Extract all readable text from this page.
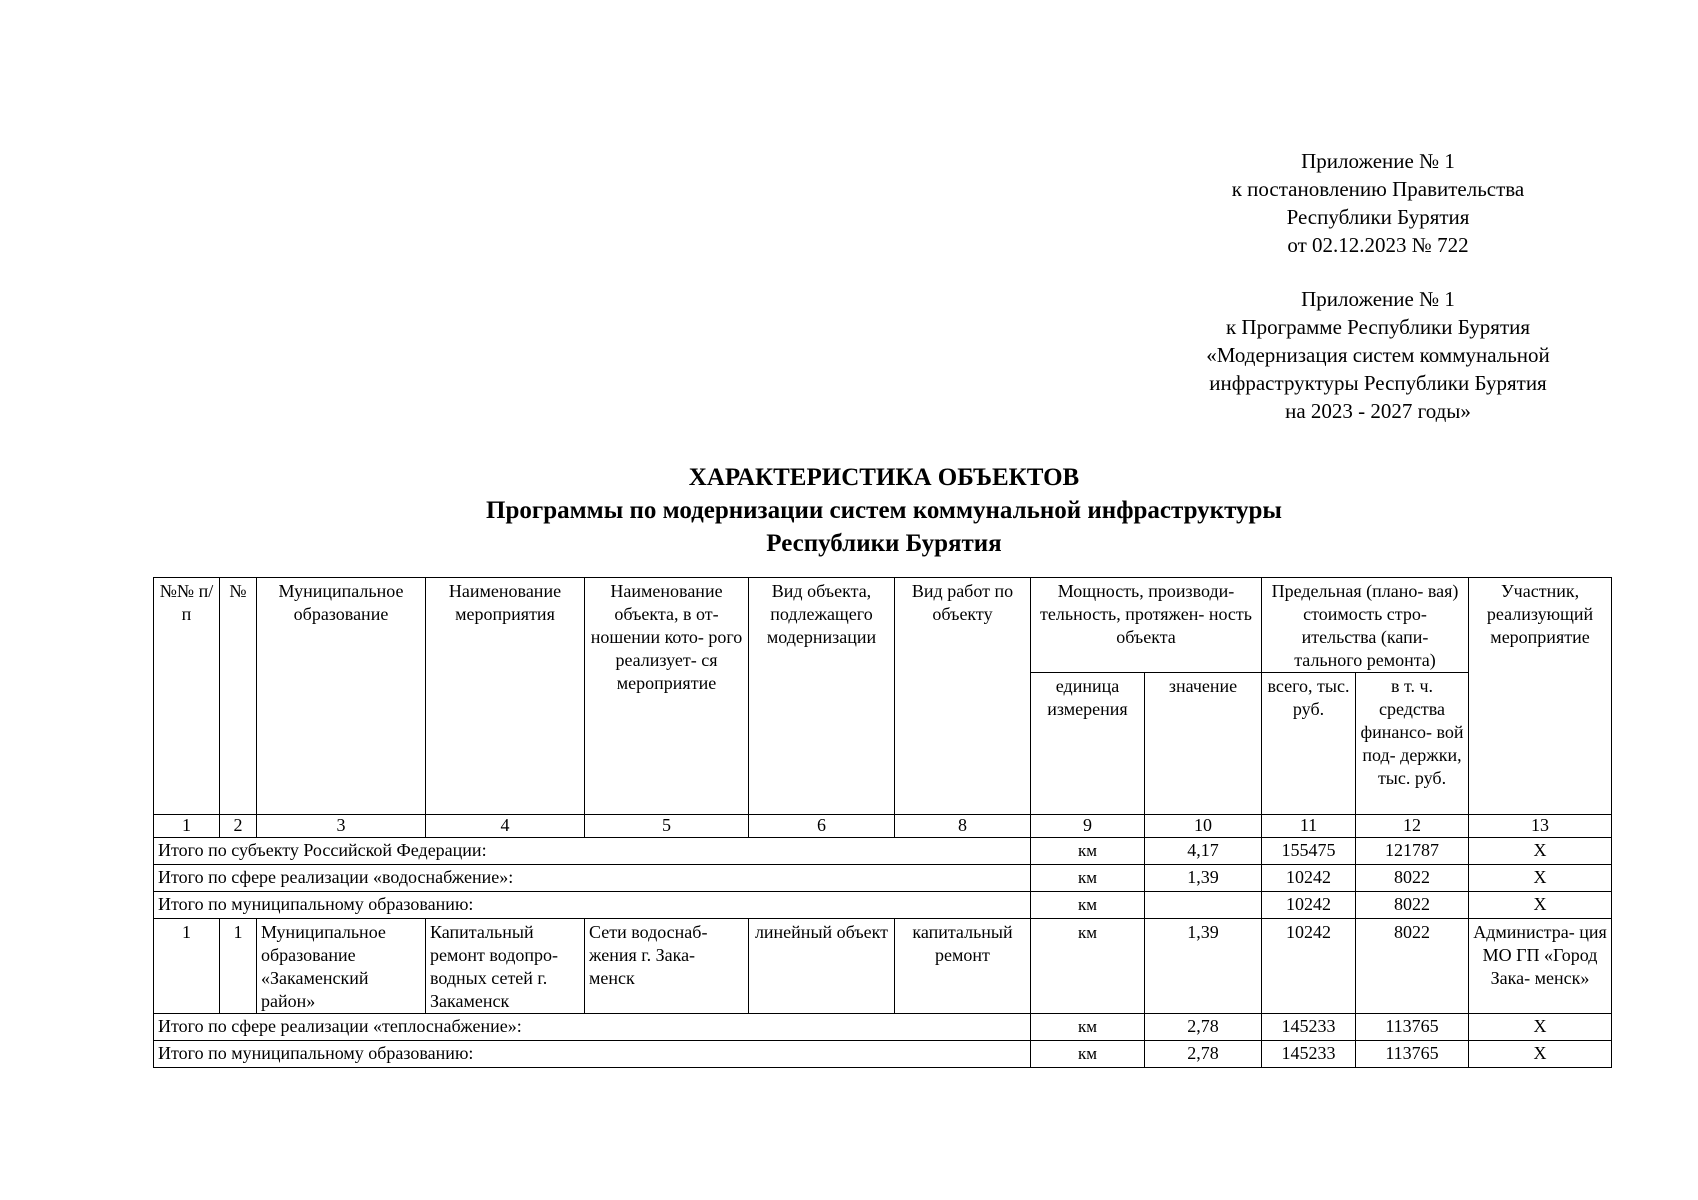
Приложение № 1
к постановлению Правительства
Республики Бурятия
от 02.12.2023 № 722
Приложение № 1
к Программе Республики Бурятия
«Модернизация систем коммунальной
инфраструктуры Республики Бурятия
на 2023 - 2027 годы»
ХАРАКТЕРИСТИКА ОБЪЕКТОВ
Программы по модернизации систем коммунальной инфраструктуры
Республики Бурятия
№№ п/п	№	Муниципальное образование	Наименование мероприятия	Наименование объекта, в от- ношении кото- рого реализует- ся мероприятие	Вид объекта, подлежащего модернизации	Вид работ по объекту	Мощность, производи- тельность, протяжен- ность объекта		Предельная (плано- вая) стоимость стро- ительства (капи- тального ремонта)		Участник, реализующий мероприятие
							единица измерения	значение	всего, тыс. руб.	в т. ч. средства финансо- вой под- держки, тыс. руб.	
1	2	3	4	5	6	8	9	10	11	12	13
Итого по субъекту Российской Федерации:							км	4,17	155475	121787	Х
Итого по сфере реализации «водоснабжение»:							км	1,39	10242	8022	Х
Итого по муниципальному образованию:							км		10242	8022	Х
1	1	Муниципальное образование «Закаменский район»	Капитальный ремонт водопро- водных сетей г. Закаменск	Сети водоснаб- жения г. Зака- менск	линейный объект	капитальный ремонт	км	1,39	10242	8022	Администра- ция МО ГП «Город Зака- менск»
Итого по сфере реализации «теплоснабжение»:							км	2,78	145233	113765	Х
Итого по муниципальному образованию:							км	2,78	145233	113765	Х
